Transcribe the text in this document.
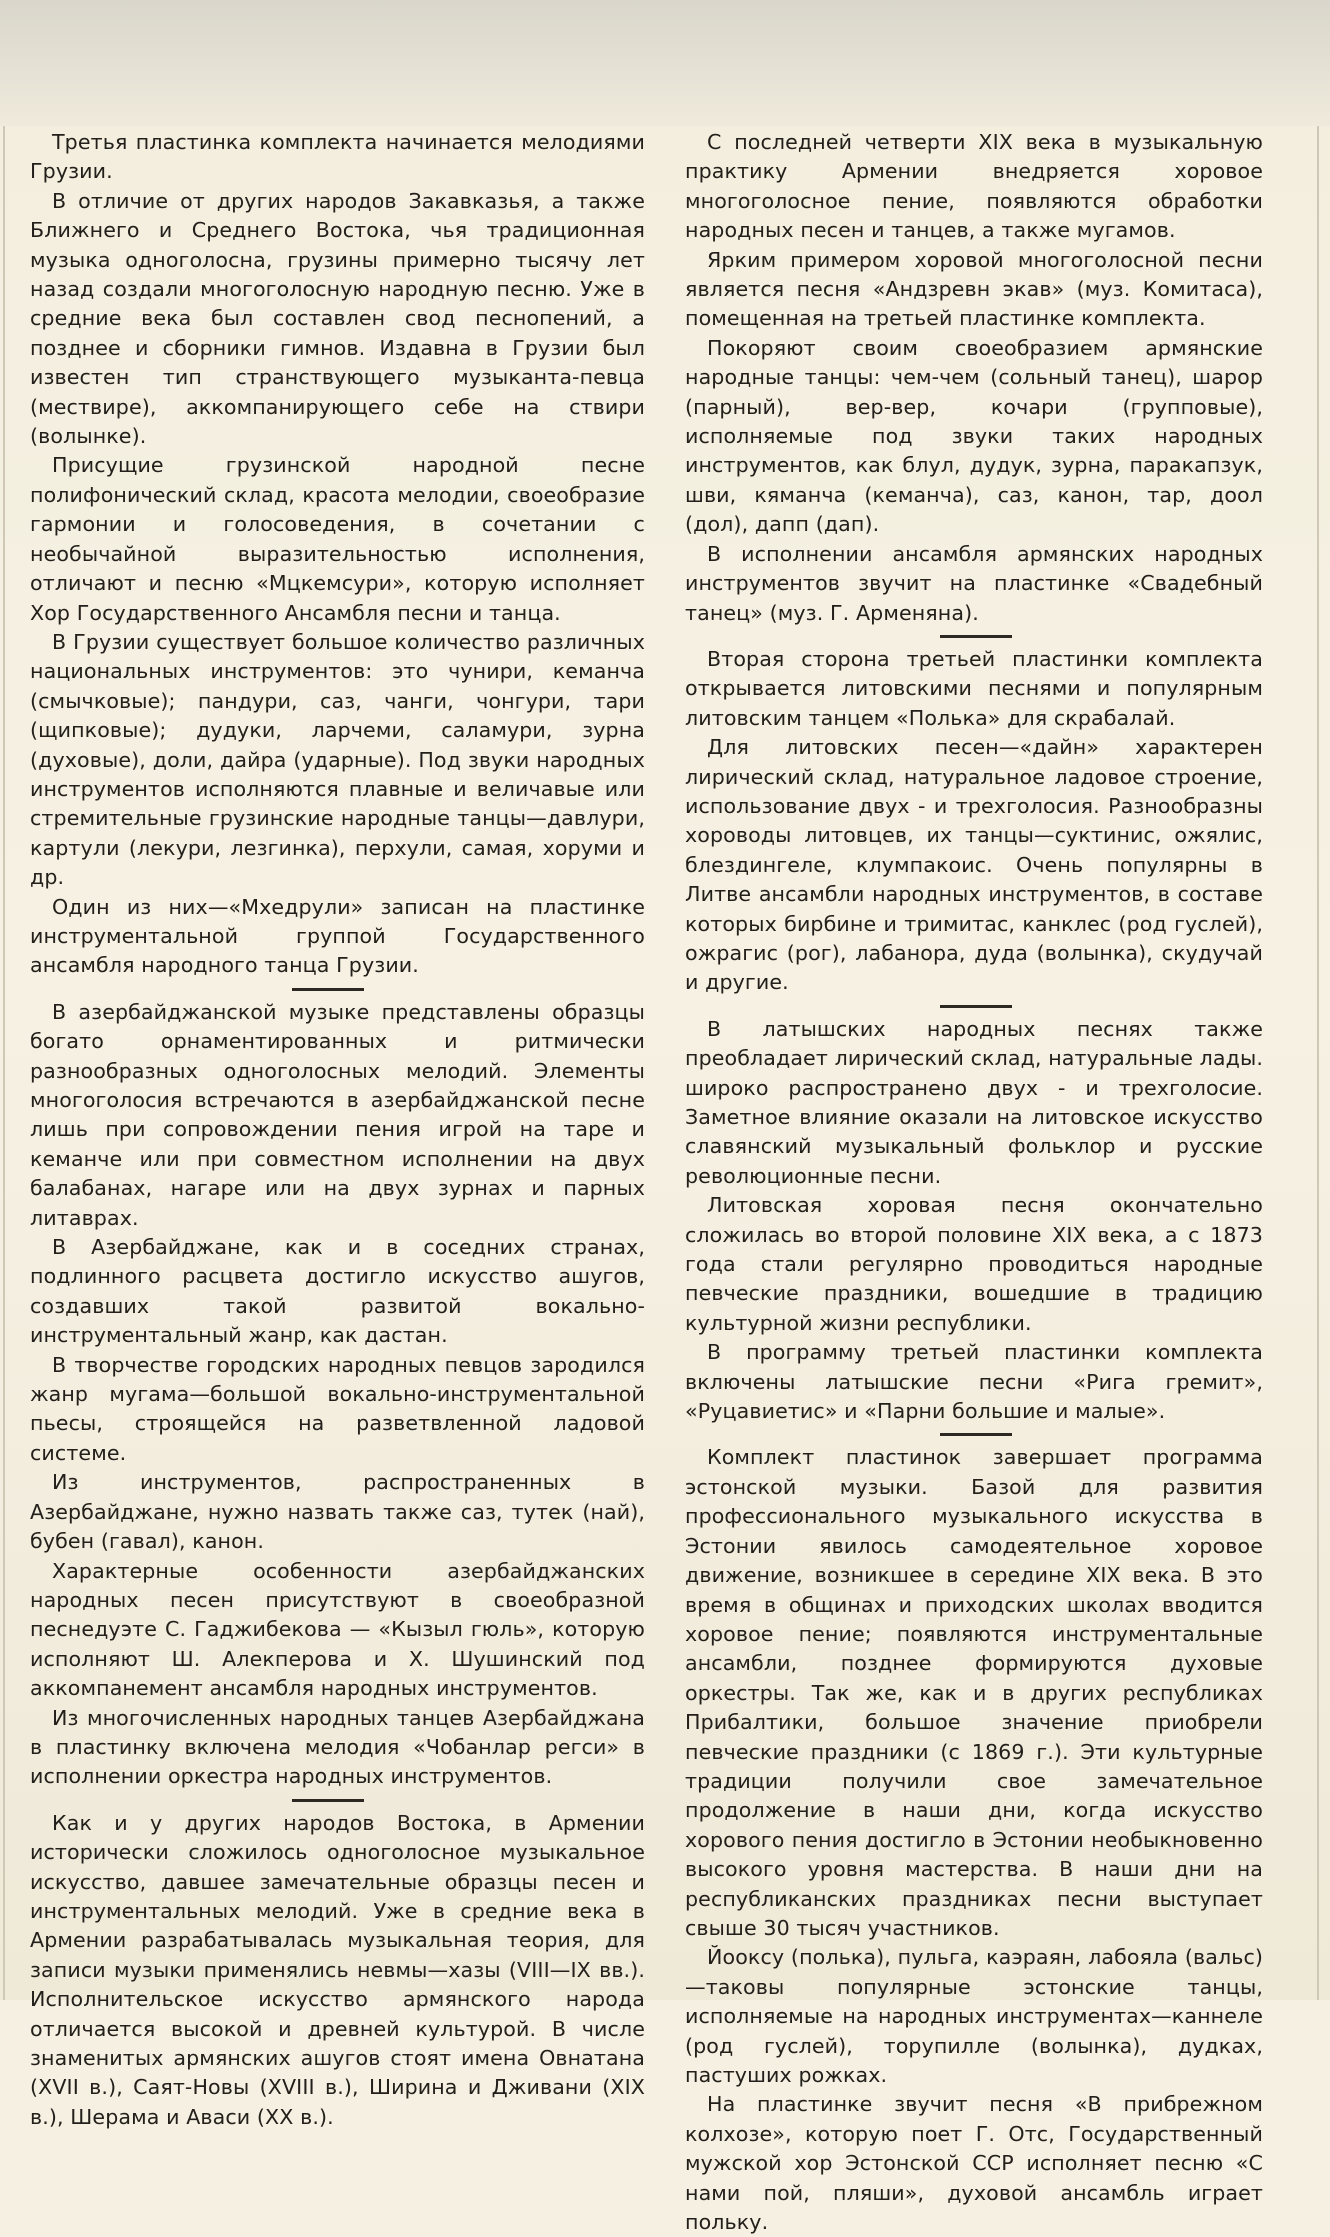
Третья пластинка комплекта начинается мелодиями Грузии.

В отличие от других народов Закавказья, а также Ближнего и Среднего Востока, чья традиционная музыка одноголосна, грузины примерно тысячу лет назад создали многоголосную народную песню. Уже в средние века был составлен свод песнопений, а позднее и сборники гимнов. Издавна в Грузии был известен тип странствующего музыканта-певца (мествире), аккомпанирующего себе на ствири (волынке).

Присущие грузинской народной песне полифонический склад, красота мелодии, своеобразие гармонии и голосоведения, в сочетании с необычайной выразительностью исполнения, отличают и песню «Мцкемсури», которую исполняет Хор Государственного Ансамбля песни и танца.

В Грузии существует большое количество различных национальных инструментов: это чунири, кеманча (смычковые); пандури, саз, чанги, чонгури, тари (щипковые); дудуки, ларчеми, саламури, зурна (духовые), доли, дайра (ударные). Под звуки народных инструментов исполняются плавные и величавые или стремительные грузинские народные танцы—давлури, картули (лекури, лезгинка), перхули, самая, хоруми и др.

Один из них—«Мхедрули» записан на пластинке инструментальной группой Государственного ансамбля народного танца Грузии.

В азербайджанской музыке представлены образцы богато орнаментированных и ритмически разнообразных одноголосных мелодий. Элементы многоголосия встречаются в азербайджанской песне лишь при сопровождении пения игрой на таре и кеманче или при совместном исполнении на двух балабанах, нагаре или на двух зурнах и парных литаврах.

В Азербайджане, как и в соседних странах, подлинного расцвета достигло искусство ашугов, создавших такой развитой вокально-инструментальный жанр, как дастан.

В творчестве городских народных певцов зародился жанр мугама—большой вокально-инструментальной пьесы, строящейся на разветвленной ладовой системе.

Из инструментов, распространенных в Азербайджане, нужно назвать также саз, тутек (най), бубен (гавал), канон.

Характерные особенности азербайджанских народных песен присутствуют в своеобразной песнедуэте С. Гаджибекова — «Кызыл гюль», которую исполняют Ш. Алекперова и Х. Шушинский под аккомпанемент ансамбля народных инструментов.

Из многочисленных народных танцев Азербайджана в пластинку включена мелодия «Чобанлар регси» в исполнении оркестра народных инструментов.

Как и у других народов Востока, в Армении исторически сложилось одноголосное музыкальное искусство, давшее замечательные образцы песен и инструментальных мелодий. Уже в средние века в Армении разрабатывалась музыкальная теория, для записи музыки применялись невмы—хазы (VIII—IX вв.). Исполнительское искусство армянского народа отличается высокой и древней культурой. В числе знаменитых армянских ашугов стоят имена Овнатана (XVII в.), Саят-Новы (XVIII в.), Ширина и Дживани (XIX в.), Шерама и Аваси (XX в.).

С последней четверти XIX века в музыкальную практику Армении внедряется хоровое многоголосное пение, появляются обработки народных песен и танцев, а также мугамов.

Ярким примером хоровой многоголосной песни является песня «Андзревн экав» (муз. Комитаса), помещенная на третьей пластинке комплекта.

Покоряют своим своеобразием армянские народные танцы: чем-чем (сольный танец), шарор (парный), вер-вер, кочари (групповые), исполняемые под звуки таких народных инструментов, как блул, дудук, зурна, паракапзук, шви, кяманча (кеманча), саз, канон, тар, доол (дол), дапп (дап).

В исполнении ансамбля армянских народных инструментов звучит на пластинке «Свадебный танец» (муз. Г. Арменяна).

Вторая сторона третьей пластинки комплекта открывается литовскими песнями и популярным литовским танцем «Полька» для скрабалай.

Для литовских песен—«дайн» характерен лирический склад, натуральное ладовое строение, использование двух - и трехголосия. Разнообразны хороводы литовцев, их танцы—суктинис, ожялис, блездингеле, клумпакоис. Очень популярны в Литве ансамбли народных инструментов, в составе которых бирбине и тримитас, канклес (род гуслей), ожрагис (рог), лабанора, дуда (волынка), скудучай и другие.

В латышских народных песнях также преобладает лирический склад, натуральные лады. широко распространено двух - и трехголосие. Заметное влияние оказали на литовское искусство славянский музыкальный фольклор и русские революционные песни.

Литовская хоровая песня окончательно сложилась во второй половине XIX века, а с 1873 года стали регулярно проводиться народные певческие праздники, вошедшие в традицию культурной жизни республики.

В программу третьей пластинки комплекта включены латышские песни «Рига гремит», «Руцавиетис» и «Парни большие и малые».

Комплект пластинок завершает программа эстонской музыки. Базой для развития профессионального музыкального искусства в Эстонии явилось самодеятельное хоровое движение, возникшее в середине XIX века. В это время в общинах и приходских школах вводится хоровое пение; появляются инструментальные ансамбли, позднее формируются духовые оркестры. Так же, как и в других республиках Прибалтики, большое значение приобрели певческие праздники (с 1869 г.). Эти культурные традиции получили свое замечательное продолжение в наши дни, когда искусство хорового пения достигло в Эстонии необыкновенно высокого уровня мастерства. В наши дни на республиканских праздниках песни выступает свыше 30 тысяч участников.

Йооксу (полька), пульга, каэраян, лабояла (вальс)—таковы популярные эстонские танцы, исполняемые на народных инструментах—каннеле (род гуслей), торупилле (волынка), дудках, пастуших рожках.

На пластинке звучит песня «В прибрежном колхозе», которую поет Г. Отс, Государственный мужской хор Эстонской ССР исполняет песню «С нами пой, пляши», духовой ансамбль играет польку.
